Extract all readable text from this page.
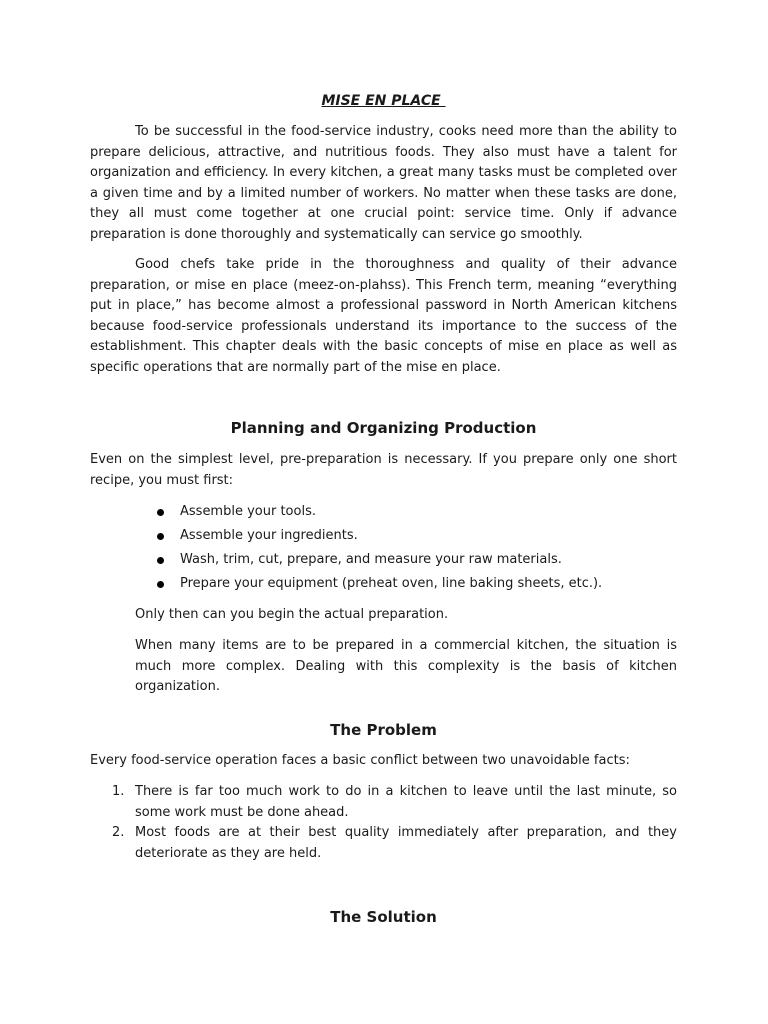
MISE EN PLACE

To be successful in the food-service industry, cooks need more than the ability to prepare delicious, attractive, and nutritious foods. They also must have a talent for organization and efficiency. In every kitchen, a great many tasks must be completed over a given time and by a limited number of workers. No matter when these tasks are done, they all must come together at one crucial point: service time. Only if advance preparation is done thoroughly and systematically can service go smoothly.

Good chefs take pride in the thoroughness and quality of their advance preparation, or mise en place (meez-on-plahss). This French term, meaning “everything put in place,” has become almost a professional password in North American kitchens because food-service professionals understand its importance to the success of the establishment. This chapter deals with the basic concepts of mise en place as well as specific operations that are normally part of the mise en place.

Planning and Organizing Production

Even on the simplest level, pre-preparation is necessary. If you prepare only one short recipe, you must first:

Assemble your tools.
Assemble your ingredients.
Wash, trim, cut, prepare, and measure your raw materials.
Prepare your equipment (preheat oven, line baking sheets, etc.).

Only then can you begin the actual preparation.

When many items are to be prepared in a commercial kitchen, the situation is much more complex. Dealing with this complexity is the basis of kitchen organization.

The Problem

Every food-service operation faces a basic conflict between two unavoidable facts:

1. There is far too much work to do in a kitchen to leave until the last minute, so some work must be done ahead.
2. Most foods are at their best quality immediately after preparation, and they deteriorate as they are held.
The Solution
